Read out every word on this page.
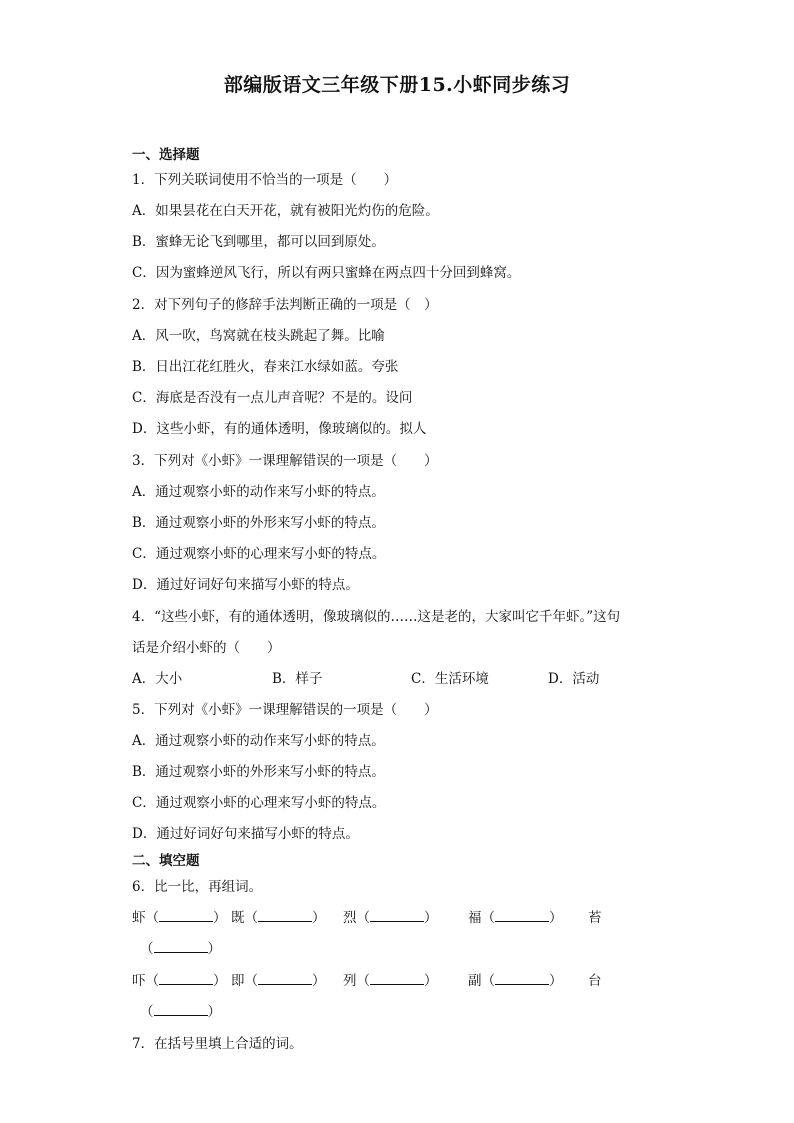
部编版语文三年级下册15.小虾同步练习
一、选择题
1．下列关联词使用不恰当的一项是（　　）
A．如果昙花在白天开花，就有被阳光灼伤的危险。
B．蜜蜂无论飞到哪里，都可以回到原处。
C．因为蜜蜂逆风飞行，所以有两只蜜蜂在两点四十分回到蜂窝。
2．对下列句子的修辞手法判断正确的一项是（　）
A．风一吹，鸟窝就在枝头跳起了舞。比喻
B．日出江花红胜火，春来江水绿如蓝。夸张
C．海底是否没有一点儿声音呢？不是的。设问
D．这些小虾，有的通体透明，像玻璃似的。拟人
3．下列对《小虾》一课理解错误的一项是（　　）
A．通过观察小虾的动作来写小虾的特点。
B．通过观察小虾的外形来写小虾的特点。
C．通过观察小虾的心理来写小虾的特点。
D．通过好词好句来描写小虾的特点。
4．“这些小虾，有的通体透明，像玻璃似的……这是老的，大家叫它千年虾。”这句
话是介绍小虾的（　　）
A．大小	B．样子	C．生活环境	D．活动
5．下列对《小虾》一课理解错误的一项是（　　）
A．通过观察小虾的动作来写小虾的特点。
B．通过观察小虾的外形来写小虾的特点。
C．通过观察小虾的心理来写小虾的特点。
D．通过好词好句来描写小虾的特点。
二、填空题
6．比一比，再组词。
虾（	） 既（	） 烈（	） 福（	） 苔
（	）
吓（	） 即（	） 列（	） 副（	） 台
（	）
7．在括号里填上合适的词。
